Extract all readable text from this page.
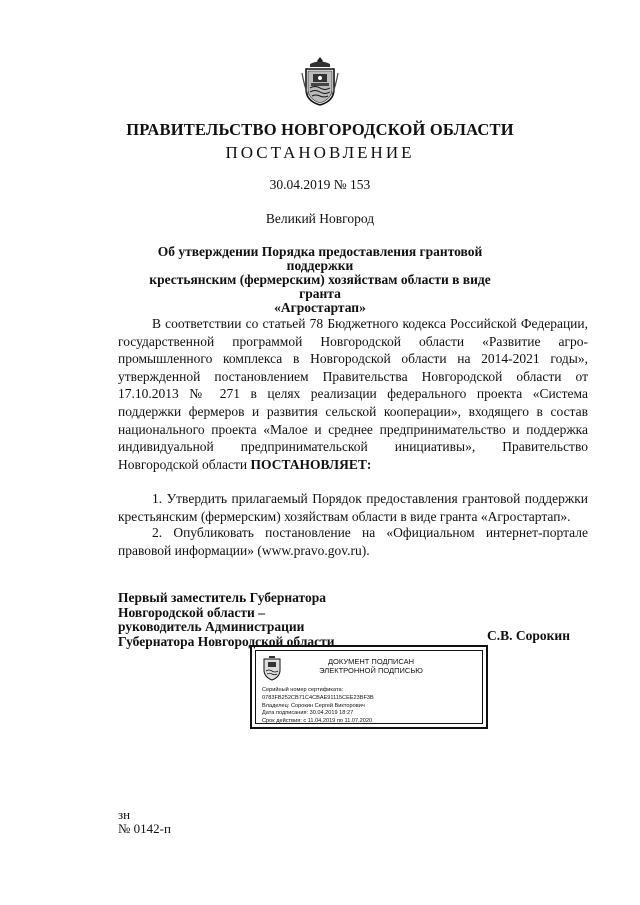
ПРАВИТЕЛЬСТВО НОВГОРОДСКОЙ ОБЛАСТИ
ПОСТАНОВЛЕНИЕ
30.04.2019 № 153
Великий Новгород
Об утверждении Порядка предоставления грантовой поддержки
крестьянским (фермерским) хозяйствам области в виде гранта
«Агростартап»
В соответствии со статьей 78 Бюджетного кодекса Российской Федерации, государственной программой Новгородской области «Развитие агро-промышленного комплекса в Новгородской области на 2014-2021 годы», утвержденной постановлением Правительства Новгородской области от 17.10.2013 № 271 в целях реализации федерального проекта «Система поддержки фермеров и развития сельской кооперации», входящего в состав национального проекта «Малое и среднее предпринимательство и поддержка индивидуальной предпринимательской инициативы», Правительство Новгородской области ПОСТАНОВЛЯЕТ:
1. Утвердить прилагаемый Порядок предоставления грантовой поддержки крестьянским (фермерским) хозяйствам области в виде гранта «Агростартап».
2. Опубликовать постановление на «Официальном интернет-портале правовой информации» (www.pravo.gov.ru).
Первый заместитель Губернатора
Новгородской области –
руководитель Администрации
Губернатора Новгородской области	С.В. Сорокин
ДОКУМЕНТ ПОДПИСАН
ЭЛЕКТРОННОЙ ПОДПИСЬЮ
Серийный номер сертификата:
0783FB252CB71C4CBAE91115CEE23BF3B
Владелец: Сорокин Сергей Викторович
Дата подписания: 30.04.2019 18:27
Срок действия: с 11.04.2019 по 11.07.2020
зн
№ 0142-п
